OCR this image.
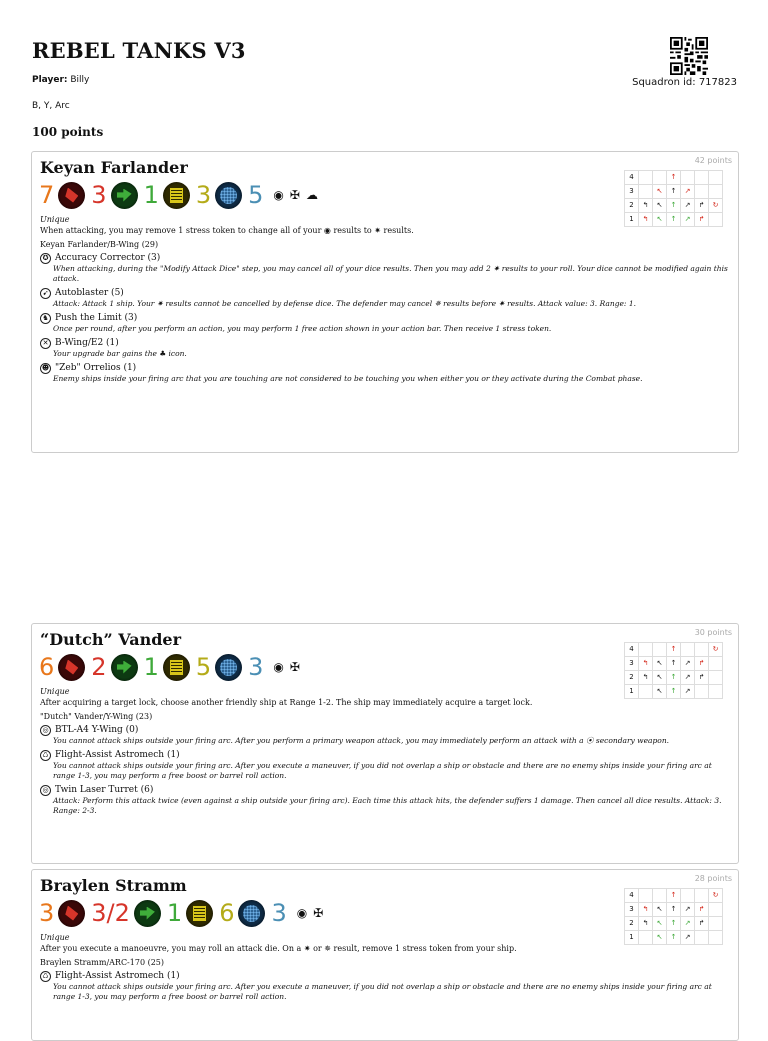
REBEL TANKS V3
Squadron id: 717823
Player: Billy
B, Y, Arc
100 points
42 points
Keyan Farlander
7 3 1 3 5 ◉ ✠ ☁
Unique
When attacking, you may remove 1 stress token to change all of your ◉ results to ✷ results.
Keyan Farlander/B-Wing (29)
✪ Accuracy Corrector (3)
When attacking, during the "Modify Attack Dice" step, you may cancel all of your dice results. Then you may add 2 ✷ results to your roll. Your dice cannot be modified again this attack.
➹ Autoblaster (5)
Attack: Attack 1 ship. Your ✷ results cannot be cancelled by defense dice. The defender may cancel ✵ results before ✷ results. Attack value: 3. Range: 1.
♞ Push the Limit (3)
Once per round, after you perform an action, you may perform 1 free action shown in your action bar. Then receive 1 stress token.
✕ B-Wing/E2 (1)
Your upgrade bar gains the ♣ icon.
☻ "Zeb" Orrelios (1)
Enemy ships inside your firing arc that you are touching are not considered to be touching you when either you or they activate during the Combat phase.
4			↑			
3		↖	↑	↗		
2	↰	↖	↑	↗	↱	↻
1	↰	↖	↑	↗	↱	
30 points
“Dutch” Vander
6 2 1 5 3 ◉ ✠
Unique
After acquiring a target lock, choose another friendly ship at Range 1-2. The ship may immediately acquire a target lock.
"Dutch" Vander/Y-Wing (23)
◎ BTL-A4 Y-Wing (0)
You cannot attack ships outside your firing arc. After you perform a primary weapon attack, you may immediately perform an attack with a ⦿ secondary weapon.
♺ Flight-Assist Astromech (1)
You cannot attack ships outside your firing arc. After you execute a maneuver, if you did not overlap a ship or obstacle and there are no enemy ships inside your firing arc at range 1-3, you may perform a free boost or barrel roll action.
◎ Twin Laser Turret (6)
Attack: Perform this attack twice (even against a ship outside your firing arc). Each time this attack hits, the defender suffers 1 damage. Then cancel all dice results. Attack: 3. Range: 2-3.
4			↑			↻
3	↰	↖	↑	↗	↱	
2	↰	↖	↑	↗	↱	
1		↖	↑	↗		
28 points
Braylen Stramm
3 3/2 1 6 3 ◉ ✠
Unique
After you execute a manoeuvre, you may roll an attack die. On a ✷ or ✵ result, remove 1 stress token from your ship.
Braylen Stramm/ARC-170 (25)
♺ Flight-Assist Astromech (1)
You cannot attack ships outside your firing arc. After you execute a maneuver, if you did not overlap a ship or obstacle and there are no enemy ships inside your firing arc at range 1-3, you may perform a free boost or barrel roll action.
4			↑			↻
3	↰	↖	↑	↗	↱	
2	↰	↖	↑	↗	↱	
1		↖	↑	↗		
